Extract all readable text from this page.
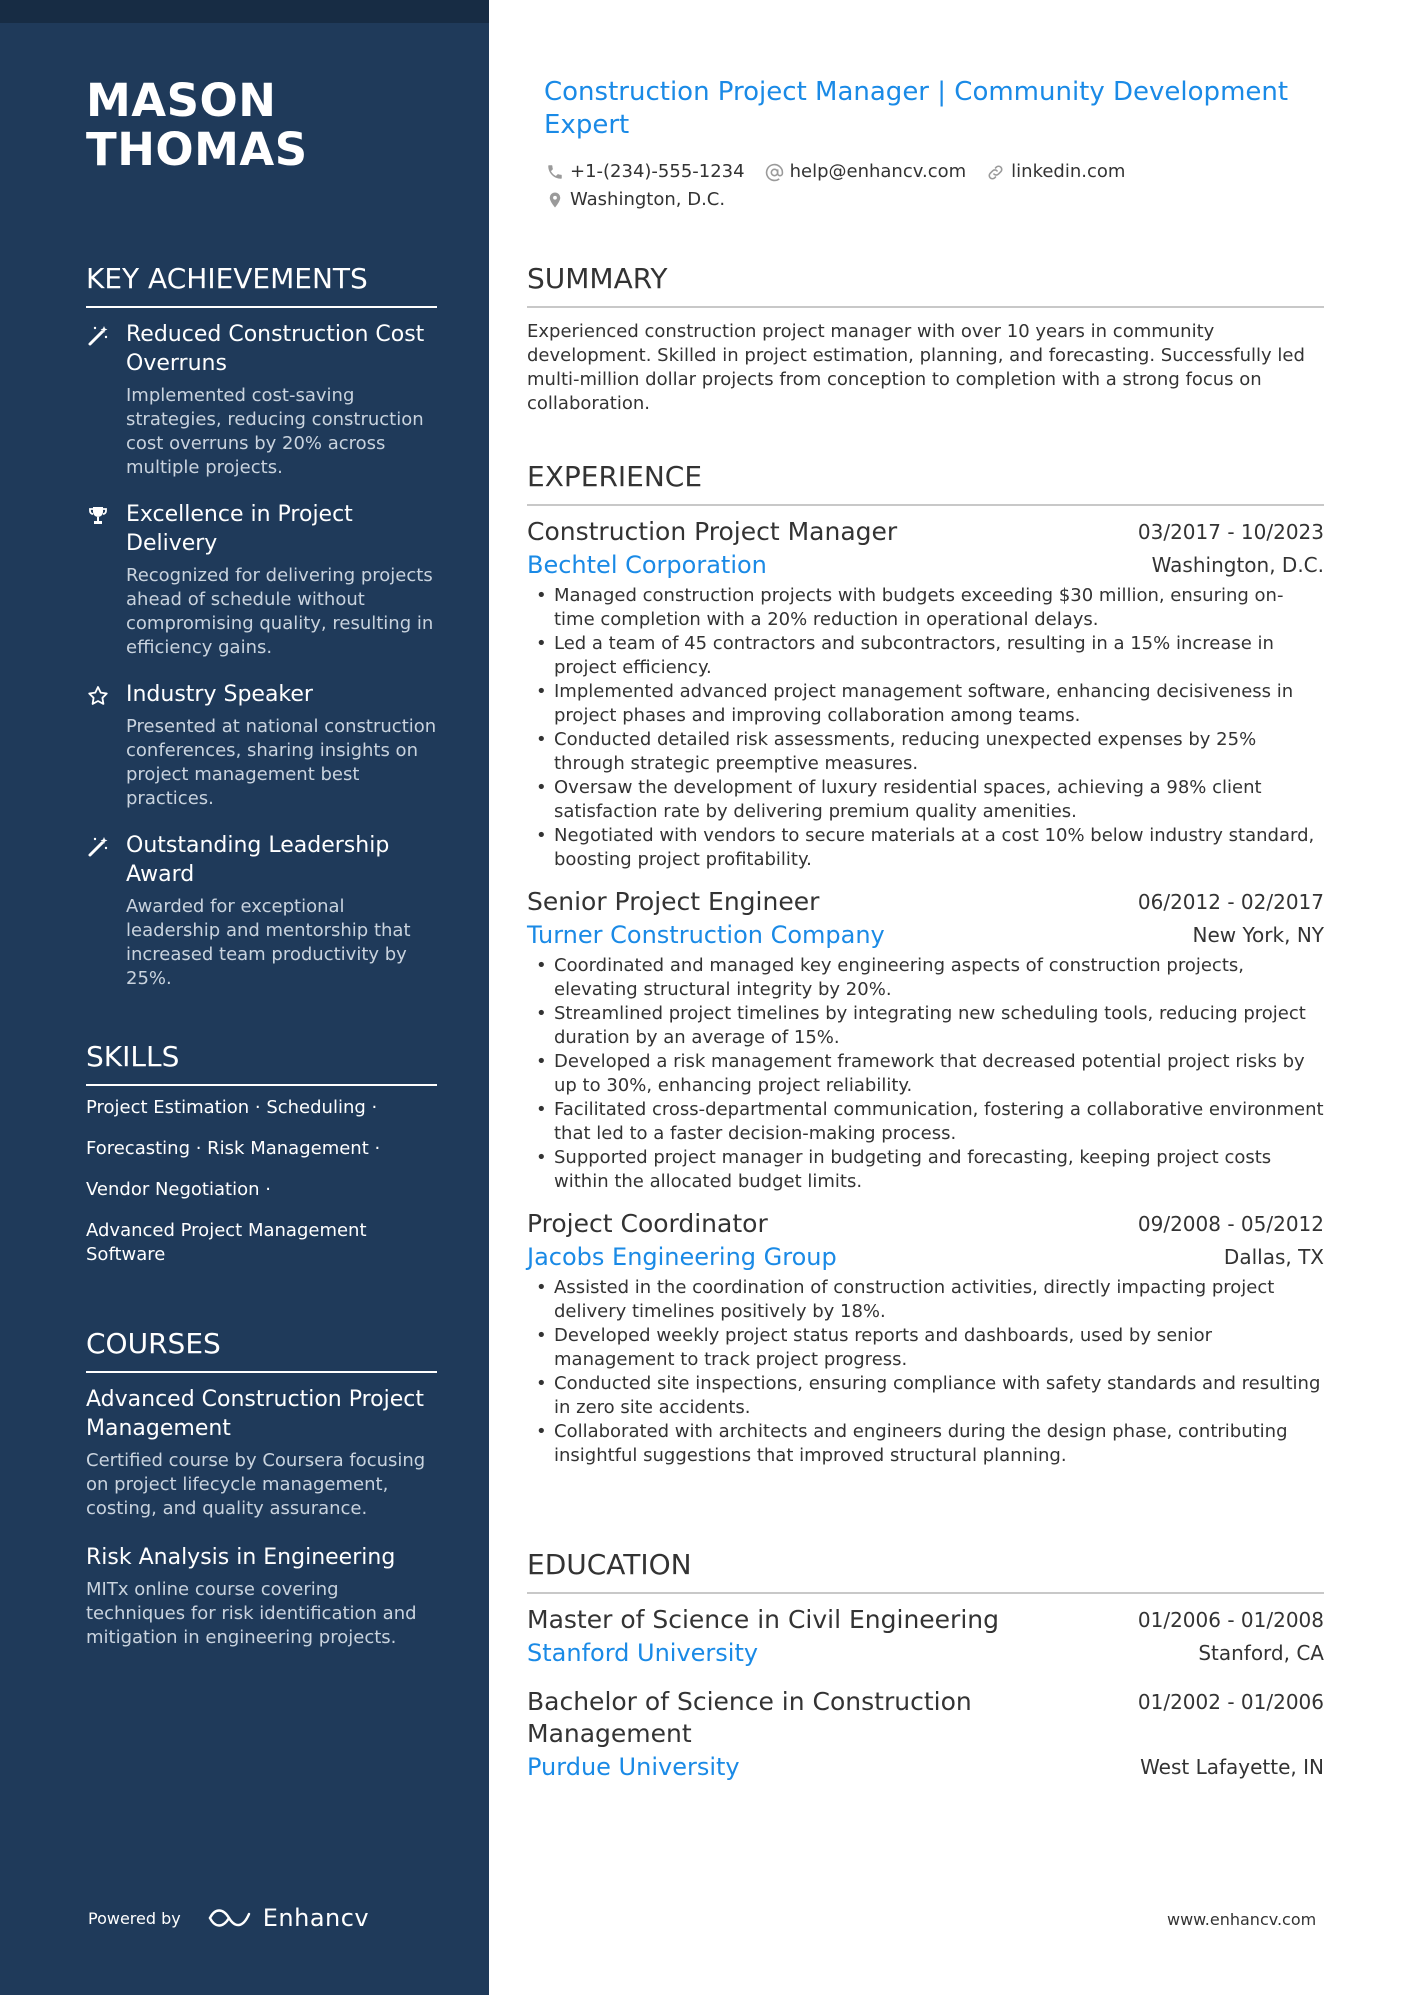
MASON
THOMAS
KEY ACHIEVEMENTS
Reduced Construction Cost Overruns
Implemented cost-saving strategies, reducing construction cost overruns by 20% across multiple projects.
Excellence in Project Delivery
Recognized for delivering projects ahead of schedule without compromising quality, resulting in efficiency gains.
Industry Speaker
Presented at national construction conferences, sharing insights on project management best practices.
Outstanding Leadership Award
Awarded for exceptional leadership and mentorship that increased team productivity by 25%.
SKILLS
Project Estimation · Scheduling ·
Forecasting · Risk Management ·
Vendor Negotiation ·
Advanced Project Management Software
COURSES
Advanced Construction Project Management
Certified course by Coursera focusing on project lifecycle management, costing, and quality assurance.
Risk Analysis in Engineering
MITx online course covering techniques for risk identification and mitigation in engineering projects.
Powered by	Enhancv
Construction Project Manager | Community Development Expert
+1-(234)-555-1234	help@enhancv.com	linkedin.com
Washington, D.C.
SUMMARY

Experienced construction project manager with over 10 years in community development. Skilled in project estimation, planning, and forecasting. Successfully led multi-million dollar projects from conception to completion with a strong focus on collaboration.

EXPERIENCE
Construction Project Manager	03/2017 - 10/2023
Bechtel Corporation	Washington, D.C.
• Managed construction projects with budgets exceeding $30 million, ensuring on-time completion with a 20% reduction in operational delays.
• Led a team of 45 contractors and subcontractors, resulting in a 15% increase in project efficiency.
• Implemented advanced project management software, enhancing decisiveness in project phases and improving collaboration among teams.
• Conducted detailed risk assessments, reducing unexpected expenses by 25% through strategic preemptive measures.
• Oversaw the development of luxury residential spaces, achieving a 98% client satisfaction rate by delivering premium quality amenities.
• Negotiated with vendors to secure materials at a cost 10% below industry standard, boosting project profitability.
Senior Project Engineer	06/2012 - 02/2017
Turner Construction Company	New York, NY
• Coordinated and managed key engineering aspects of construction projects, elevating structural integrity by 20%.
• Streamlined project timelines by integrating new scheduling tools, reducing project duration by an average of 15%.
• Developed a risk management framework that decreased potential project risks by up to 30%, enhancing project reliability.
• Facilitated cross-departmental communication, fostering a collaborative environment that led to a faster decision-making process.
• Supported project manager in budgeting and forecasting, keeping project costs within the allocated budget limits.
Project Coordinator	09/2008 - 05/2012
Jacobs Engineering Group	Dallas, TX
• Assisted in the coordination of construction activities, directly impacting project delivery timelines positively by 18%.
• Developed weekly project status reports and dashboards, used by senior management to track project progress.
• Conducted site inspections, ensuring compliance with safety standards and resulting in zero site accidents.
• Collaborated with architects and engineers during the design phase, contributing insightful suggestions that improved structural planning.
EDUCATION
Master of Science in Civil Engineering	01/2006 - 01/2008
Stanford University	Stanford, CA
Bachelor of Science in Construction Management
01/2002 - 01/2006
Purdue University	West Lafayette, IN
www.enhancv.com
